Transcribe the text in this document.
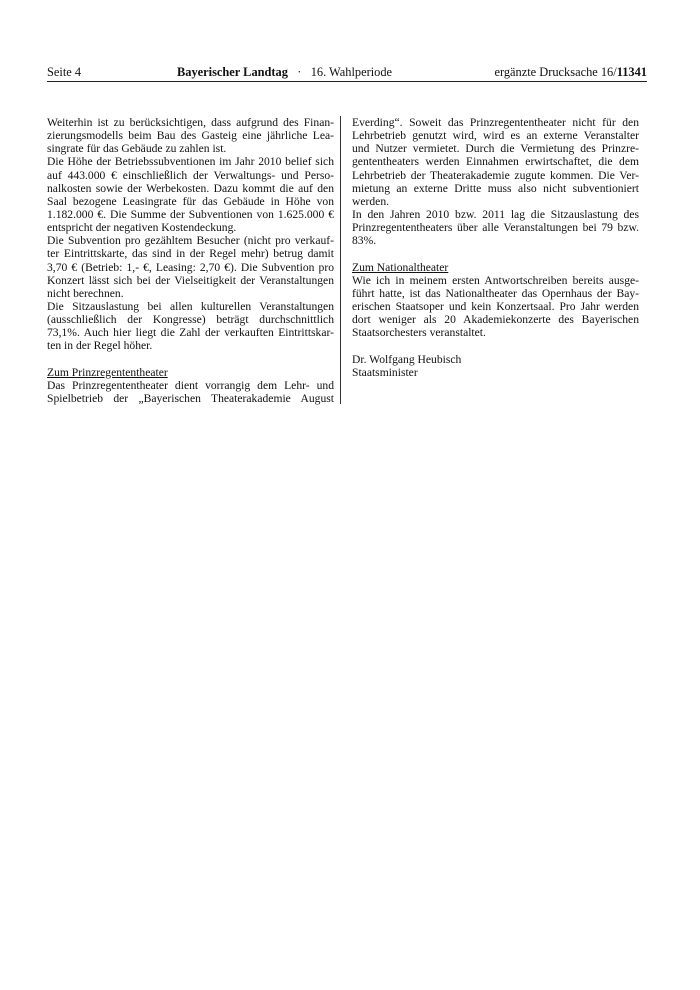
Seite 4	Bayerischer Landtag · 16. Wahlperiode	ergänzte Drucksache 16/11341
Weiterhin ist zu berücksichtigen, dass aufgrund des Finan-
zierungsmodells beim Bau des Gasteig eine jährliche Lea-
singrate für das Gebäude zu zahlen ist.
Die Höhe der Betriebssubventionen im Jahr 2010 belief sich
auf 443.000 € einschließlich der Verwaltungs- und Perso-
nalkosten sowie der Werbekosten. Dazu kommt die auf den
Saal bezogene Leasingrate für das Gebäude in Höhe von
1.182.000 €. Die Summe der Subventionen von 1.625.000 €
entspricht der negativen Kostendeckung.
Die Subvention pro gezähltem Besucher (nicht pro verkauf-
ter Eintrittskarte, das sind in der Regel mehr) betrug damit
3,70 € (Betrieb: 1,- €, Leasing: 2,70 €). Die Subvention pro
Konzert lässt sich bei der Vielseitigkeit der Veranstaltungen
nicht berechnen.
Die Sitzauslastung bei allen kulturellen Veranstaltungen
(ausschließlich der Kongresse) beträgt durchschnittlich
73,1%. Auch hier liegt die Zahl der verkauften Eintrittskar-
ten in der Regel höher.
Zum Prinzregententheater
Das Prinzregententheater dient vorrangig dem Lehr- und
Spielbetrieb der „Bayerischen Theaterakademie August
Everding“. Soweit das Prinzregententheater nicht für den
Lehrbetrieb genutzt wird, wird es an externe Veranstalter
und Nutzer vermietet. Durch die Vermietung des Prinzre-
gententheaters werden Einnahmen erwirtschaftet, die dem
Lehrbetrieb der Theaterakademie zugute kommen. Die Ver-
mietung an externe Dritte muss also nicht subventioniert
werden.
In den Jahren 2010 bzw. 2011 lag die Sitzauslastung des
Prinzregententheaters über alle Veranstaltungen bei 79 bzw.
83%.
Zum Nationaltheater
Wie ich in meinem ersten Antwortschreiben bereits ausge-
führt hatte, ist das Nationaltheater das Opernhaus der Bay-
erischen Staatsoper und kein Konzertsaal. Pro Jahr werden
dort weniger als 20 Akademiekonzerte des Bayerischen
Staatsorchesters veranstaltet.
Dr. Wolfgang Heubisch
Staatsminister
